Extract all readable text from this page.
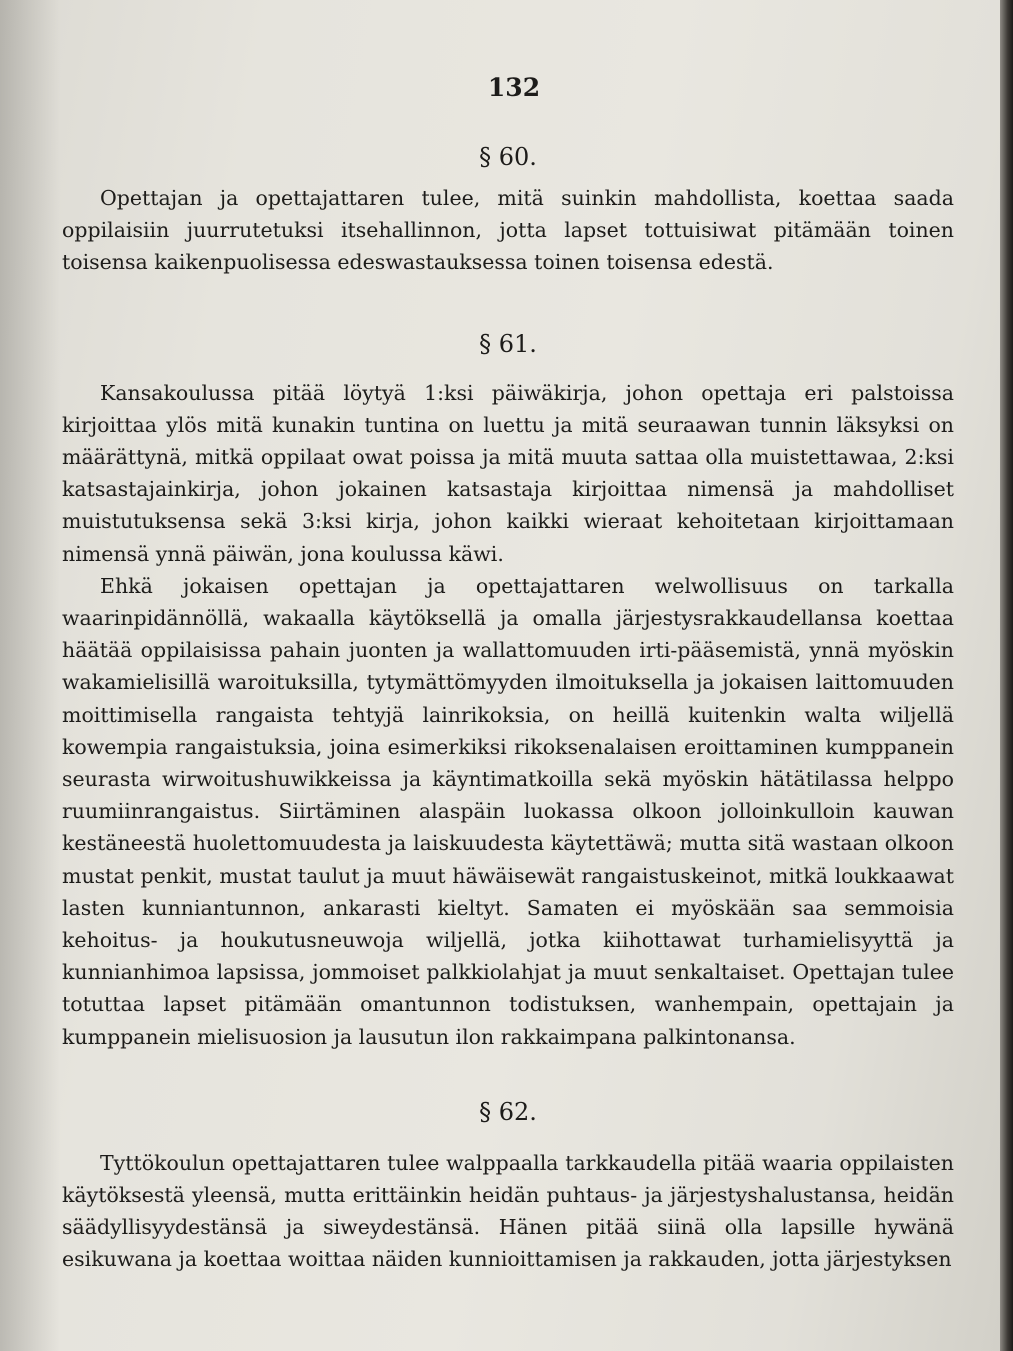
132
§ 60.

Opettajan ja opettajattaren tulee, mitä suinkin mahdollista, koettaa saada oppilaisiin juurrutetuksi itsehallinnon, jotta lapset tottuisiwat pitämään toinen toisensa kaikenpuolisessa edeswastauksessa toinen toisensa edestä.

§ 61.

Kansakoulussa pitää löytyä 1:ksi päiwäkirja, johon opettaja eri palstoissa kirjoittaa ylös mitä kunakin tuntina on luettu ja mitä seuraawan tunnin läksyksi on määrättynä, mitkä oppilaat owat poissa ja mitä muuta sattaa olla muistettawaa, 2:ksi katsastajainkirja, johon jokainen katsastaja kirjoittaa nimensä ja mahdolliset muistutuksensa sekä 3:ksi kirja, johon kaikki wieraat kehoitetaan kirjoittamaan nimensä ynnä päiwän, jona koulussa käwi.

Ehkä jokaisen opettajan ja opettajattaren welwollisuus on tarkalla waarinpidännöllä, wakaalla käytöksellä ja omalla järjestysrakkaudellansa koettaa häätää oppilaisissa pahain juonten ja wallattomuuden irti-pääsemistä, ynnä myöskin wakamielisillä waroituksilla, tytymättömyyden ilmoituksella ja jokaisen laittomuuden moittimisella rangaista tehtyjä lainrikoksia, on heillä kuitenkin walta wiljellä kowempia rangaistuksia, joina esimerkiksi rikoksenalaisen eroittaminen kumppanein seurasta wirwoitushuwikkeissa ja käyntimatkoilla sekä myöskin hätätilassa helppo ruumiinrangaistus. Siirtäminen alaspäin luokassa olkoon jolloinkulloin kauwan kestäneestä huolettomuudesta ja laiskuudesta käytettäwä; mutta sitä wastaan olkoon mustat penkit, mustat taulut ja muut häwäisewät rangaistuskeinot, mitkä loukkaawat lasten kunniantunnon, ankarasti kieltyt. Samaten ei myöskään saa semmoisia kehoitus- ja houkutusneuwoja wiljellä, jotka kiihottawat turhamielisyyttä ja kunnianhimoa lapsissa, jommoiset palkkiolahjat ja muut senkaltaiset. Opettajan tulee totuttaa lapset pitämään omantunnon todistuksen, wanhempain, opettajain ja kumppanein mielisuosion ja lausutun ilon rakkaimpana palkintonansa.

§ 62.

Tyttökoulun opettajattaren tulee walppaalla tarkkaudella pitää waaria oppilaisten käytöksestä yleensä, mutta erittäinkin heidän puhtaus- ja järjestyshalustansa, heidän säädyllisyydestänsä ja siweydestänsä. Hänen pitää siinä olla lapsille hywänä esikuwana ja koettaa woittaa näiden kunnioittamisen ja rakkauden, jotta järjestyksen
